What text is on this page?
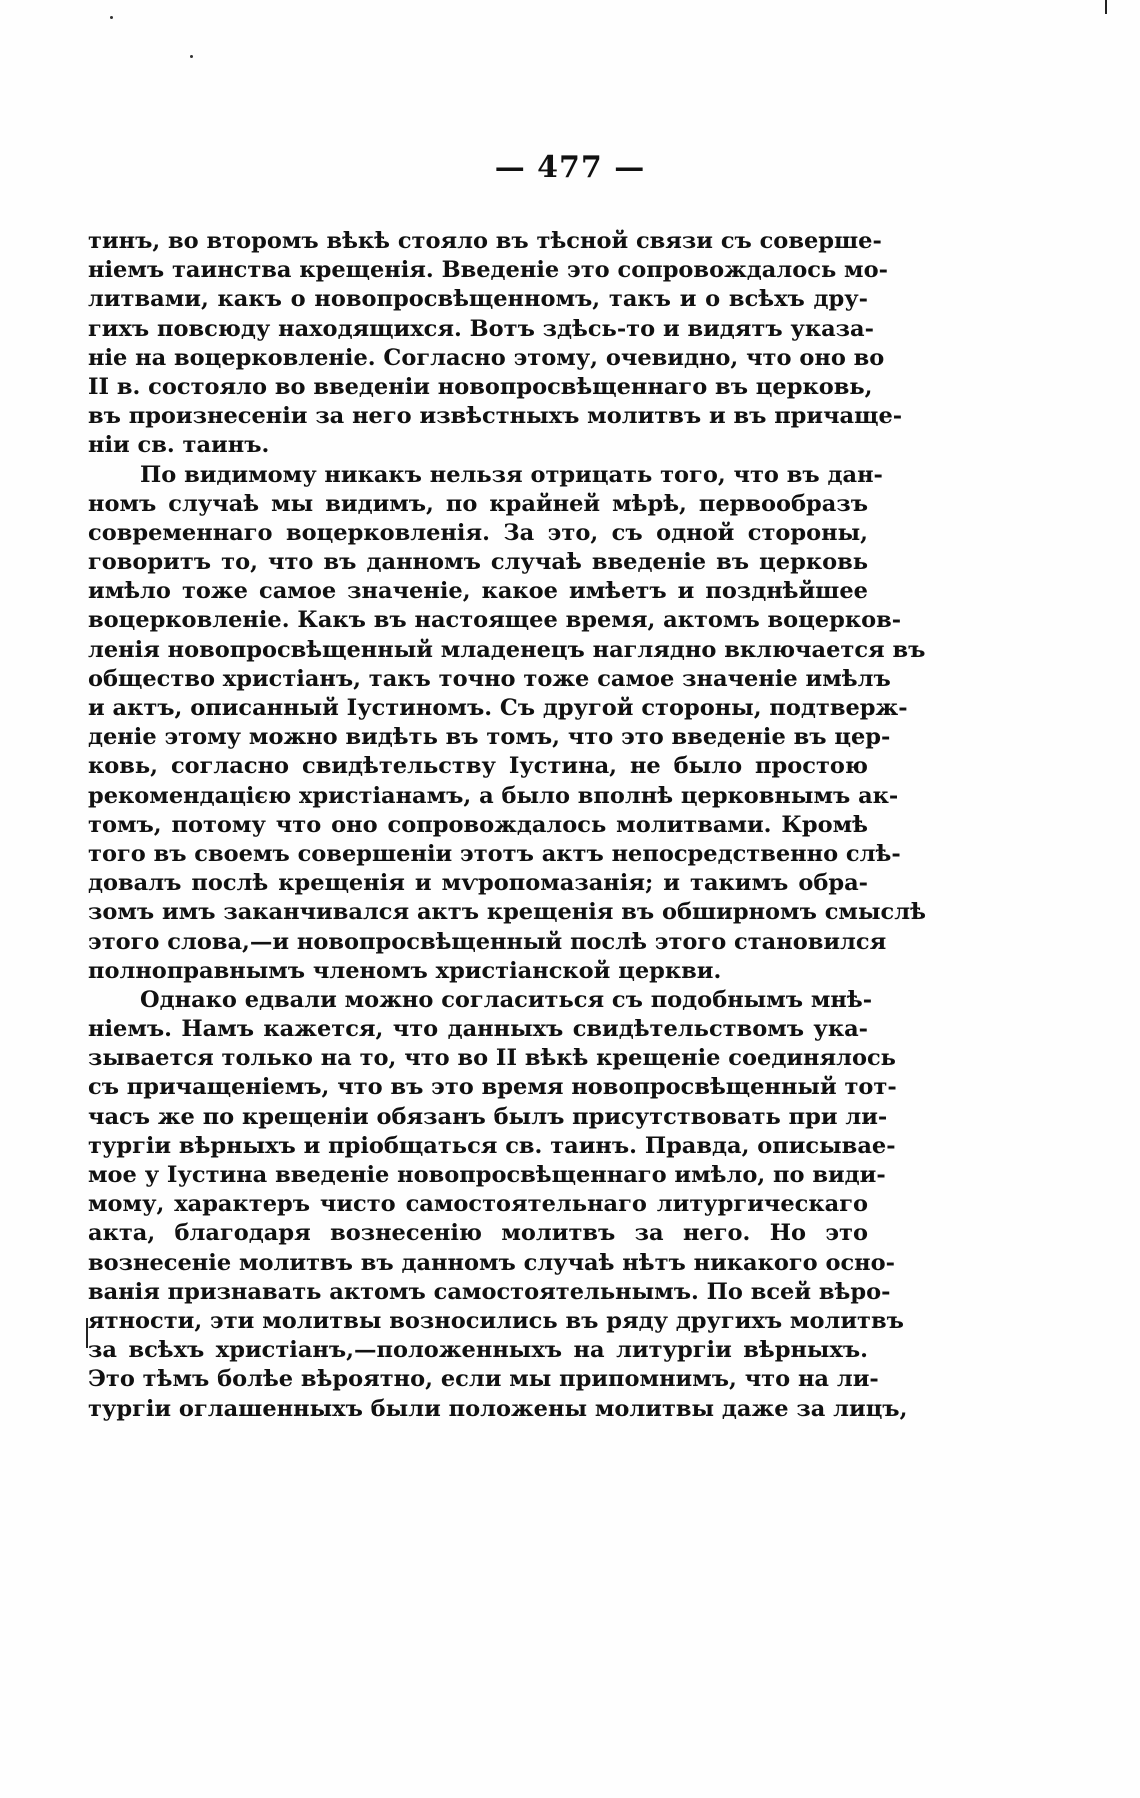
— 477 —
тинъ, во второмъ вѣкѣ стояло въ тѣсной связи съ соверше-
ніемъ таинства крещенія. Введеніе это сопровождалось мо-
литвами, какъ о новопросвѣщенномъ, такъ и о всѣхъ дру-
гихъ повсюду находящихся. Вотъ здѣсь-то и видятъ указа-
ніе на воцерковленіе. Согласно этому, очевидно, что оно во
II в. состояло во введеніи новопросвѣщеннаго въ церковь,
въ произнесеніи за него извѣстныхъ молитвъ и въ причаще-
ніи св. таинъ.
По видимому никакъ нельзя отрицать того, что въ дан-
номъ случаѣ мы видимъ, по крайней мѣрѣ, первообразъ
современнаго воцерковленія. За это, съ одной стороны,
говоритъ то, что въ данномъ случаѣ введеніе въ церковь
имѣло тоже самое значеніе, какое имѣетъ и позднѣйшее
воцерковленіе. Какъ въ настоящее время, актомъ воцерков-
ленія новопросвѣщенный младенецъ наглядно включается въ
общество христіанъ, такъ точно тоже самое значеніе имѣлъ
и актъ, описанный Іустиномъ. Съ другой стороны, подтверж-
деніе этому можно видѣть въ томъ, что это введеніе въ цер-
ковь, согласно свидѣтельству Іустина, не было простою
рекомендацією христіанамъ, а было вполнѣ церковнымъ ак-
томъ, потому что оно сопровождалось молитвами. Кромѣ
того въ своемъ совершеніи этотъ актъ непосредственно слѣ-
довалъ послѣ крещенія и мѵропомазанія; и такимъ обра-
зомъ имъ заканчивался актъ крещенія въ обширномъ смыслѣ
этого слова,—и новопросвѣщенный послѣ этого становился
полноправнымъ членомъ христіанской церкви.
Однако едвали можно согласиться съ подобнымъ мнѣ-
ніемъ. Намъ кажется, что данныхъ свидѣтельствомъ ука-
зывается только на то, что во II вѣкѣ крещеніе соединялось
съ причащеніемъ, что въ это время новопросвѣщенный тот-
часъ же по крещеніи обязанъ былъ присутствовать при ли-
тургіи вѣрныхъ и пріобщаться св. таинъ. Правда, описывае-
мое у Іустина введеніе новопросвѣщеннаго имѣло, по види-
мому, характеръ чисто самостоятельнаго литургическаго
акта, благодаря вознесенію молитвъ за него. Но это
вознесеніе молитвъ въ данномъ случаѣ нѣтъ никакого осно-
ванія признавать актомъ самостоятельнымъ. По всей вѣро-
ятности, эти молитвы возносились въ ряду другихъ молитвъ
за всѣхъ христіанъ,—положенныхъ на литургіи вѣрныхъ.
Это тѣмъ болѣе вѣроятно, если мы припомнимъ, что на ли-
тургіи оглашенныхъ были положены молитвы даже за лицъ,
